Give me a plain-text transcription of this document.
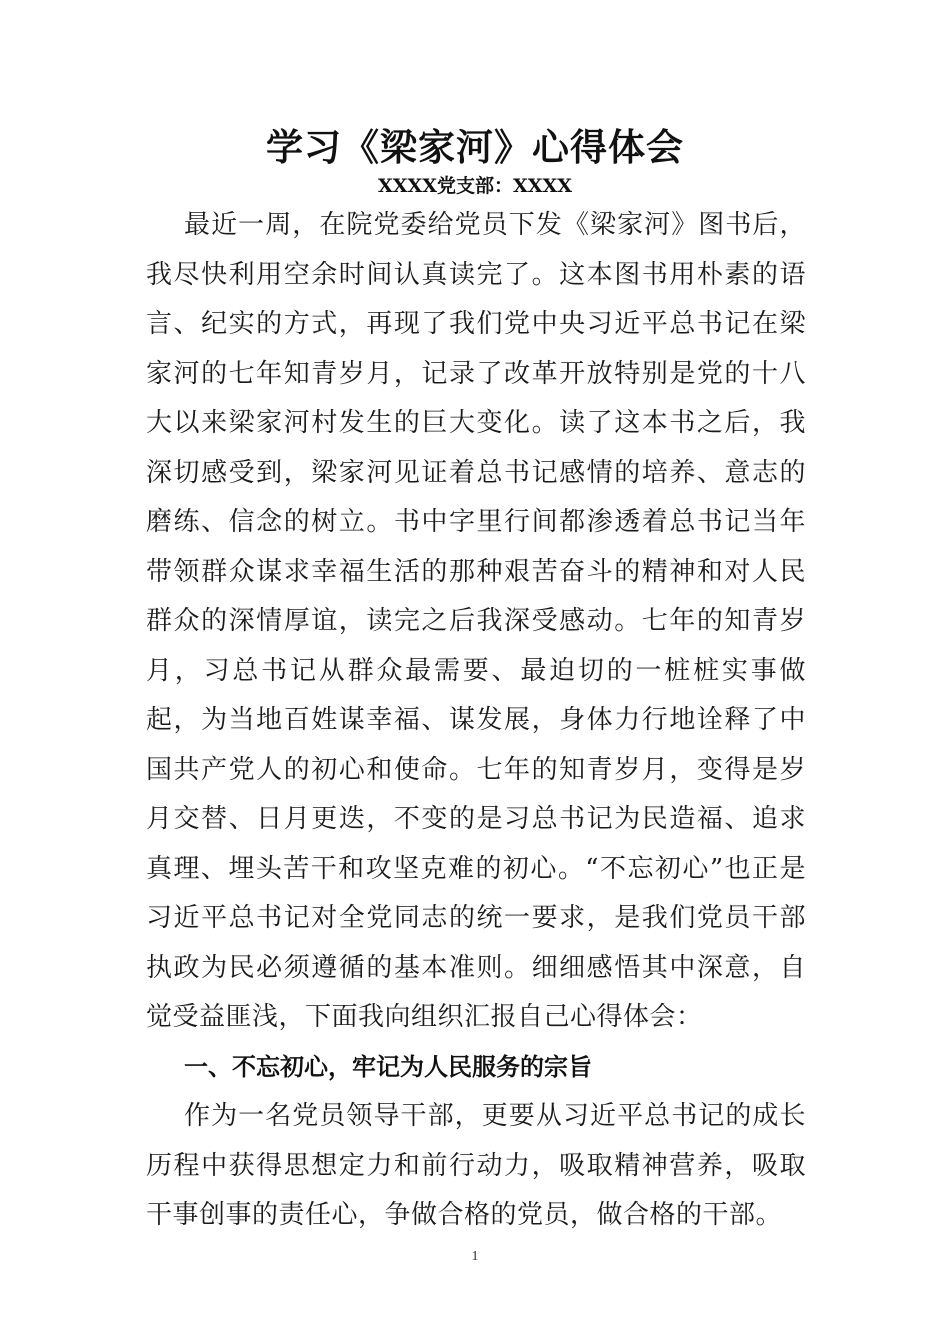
学习《梁家河》心得体会
XXXX党支部：XXXX

最近一周，在院党委给党员下发《梁家河》图书后，我尽快利用空余时间认真读完了。这本图书用朴素的语言、纪实的方式，再现了我们党中央习近平总书记在梁家河的七年知青岁月，记录了改革开放特别是党的十八大以来梁家河村发生的巨大变化。读了这本书之后，我深切感受到，梁家河见证着总书记感情的培养、意志的磨练、信念的树立。书中字里行间都渗透着总书记当年带领群众谋求幸福生活的那种艰苦奋斗的精神和对人民群众的深情厚谊，读完之后我深受感动。七年的知青岁月，习总书记从群众最需要、最迫切的一桩桩实事做起，为当地百姓谋幸福、谋发展，身体力行地诠释了中国共产党人的初心和使命。七年的知青岁月，变得是岁月交替、日月更迭，不变的是习总书记为民造福、追求真理、埋头苦干和攻坚克难的初心。“不忘初心”也正是习近平总书记对全党同志的统一要求，是我们党员干部执政为民必须遵循的基本准则。细细感悟其中深意，自觉受益匪浅，下面我向组织汇报自己心得体会：

一、不忘初心，牢记为人民服务的宗旨

作为一名党员领导干部，更要从习近平总书记的成长历程中获得思想定力和前行动力，吸取精神营养，吸取干事创事的责任心，争做合格的党员，做合格的干部。

1
